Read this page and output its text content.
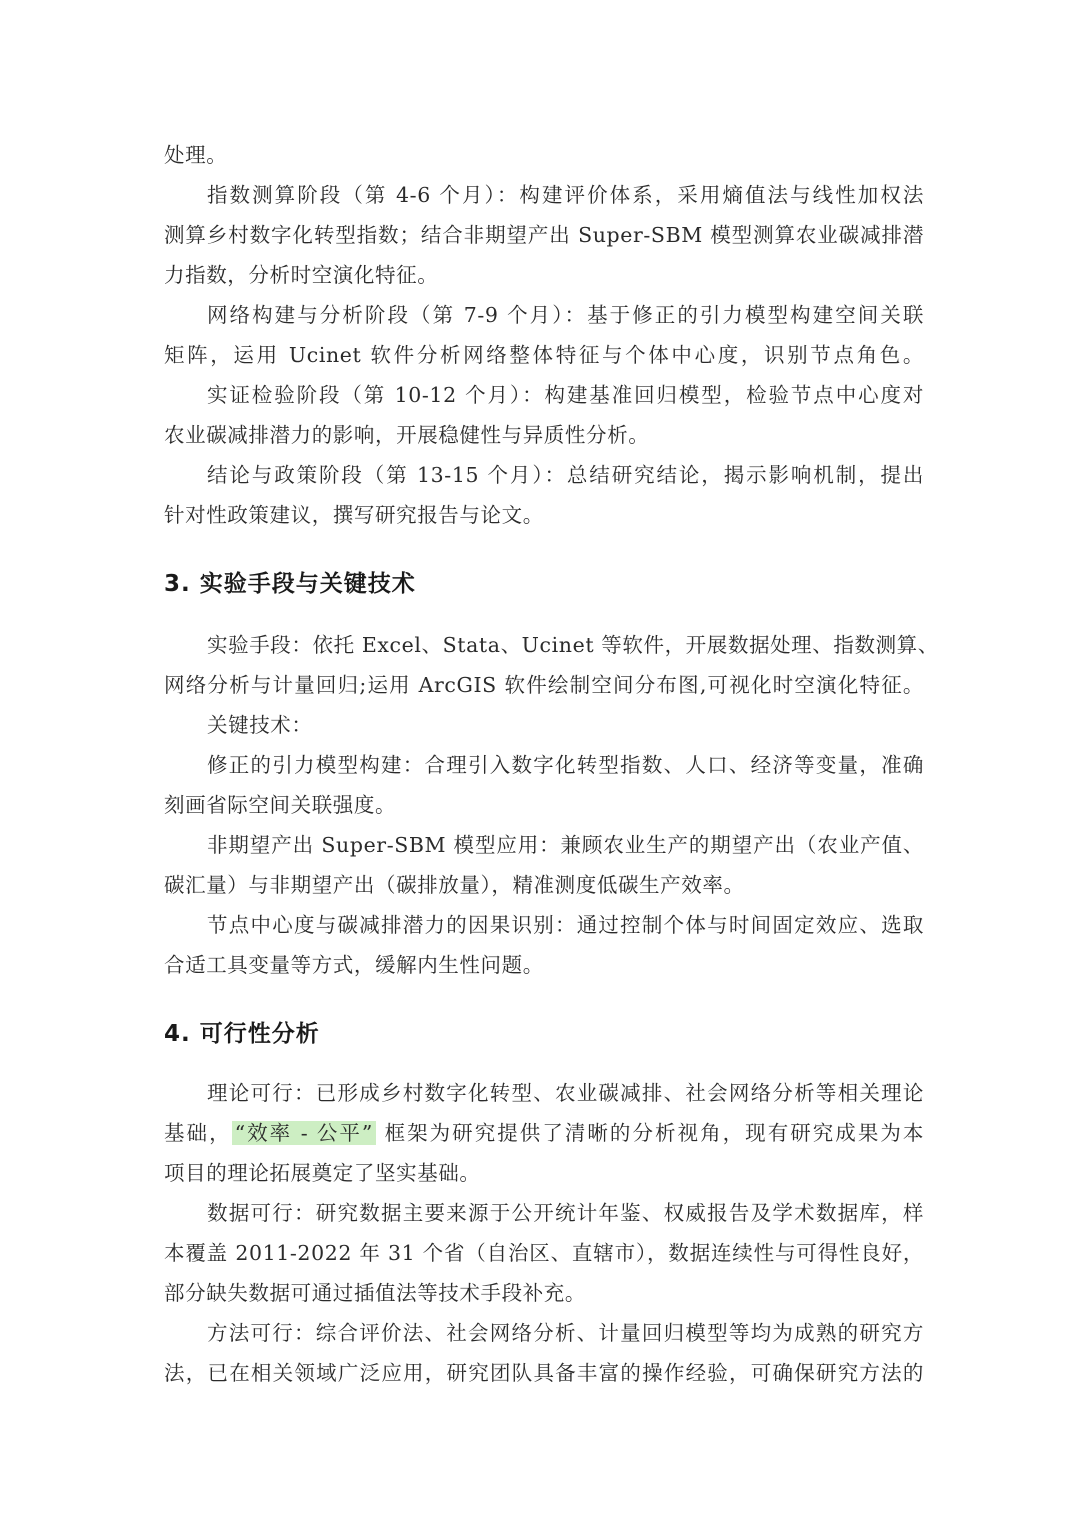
处理。
指数测算阶段（第 4-6 个月）：构建评价体系，采用熵值法与线性加权法
测算乡村数字化转型指数；结合非期望产出 Super-SBM 模型测算农业碳减排潜
力指数，分析时空演化特征。
网络构建与分析阶段（第 7-9 个月）：基于修正的引力模型构建空间关联
矩阵，运用 Ucinet 软件分析网络整体特征与个体中心度，识别节点角色。
实证检验阶段（第 10-12 个月）：构建基准回归模型，检验节点中心度对
农业碳减排潜力的影响，开展稳健性与异质性分析。
结论与政策阶段（第 13-15 个月）：总结研究结论，揭示影响机制，提出
针对性政策建议，撰写研究报告与论文。
3. 实验手段与关键技术
实验手段：依托 Excel、Stata、Ucinet 等软件，开展数据处理、指数测算、
网络分析与计量回归;运用 ArcGIS 软件绘制空间分布图,可视化时空演化特征。
关键技术：
修正的引力模型构建：合理引入数字化转型指数、人口、经济等变量，准确
刻画省际空间关联强度。
非期望产出 Super-SBM 模型应用：兼顾农业生产的期望产出（农业产值、
碳汇量）与非期望产出（碳排放量），精准测度低碳生产效率。
节点中心度与碳减排潜力的因果识别：通过控制个体与时间固定效应、选取
合适工具变量等方式，缓解内生性问题。
4. 可行性分析
理论可行：已形成乡村数字化转型、农业碳减排、社会网络分析等相关理论
基础， “效率 - 公平” 框架为研究提供了清晰的分析视角，现有研究成果为本
项目的理论拓展奠定了坚实基础。
数据可行：研究数据主要来源于公开统计年鉴、权威报告及学术数据库，样
本覆盖 2011-2022 年 31 个省（自治区、直辖市），数据连续性与可得性良好，
部分缺失数据可通过插值法等技术手段补充。
方法可行：综合评价法、社会网络分析、计量回归模型等均为成熟的研究方
法，已在相关领域广泛应用，研究团队具备丰富的操作经验，可确保研究方法的
